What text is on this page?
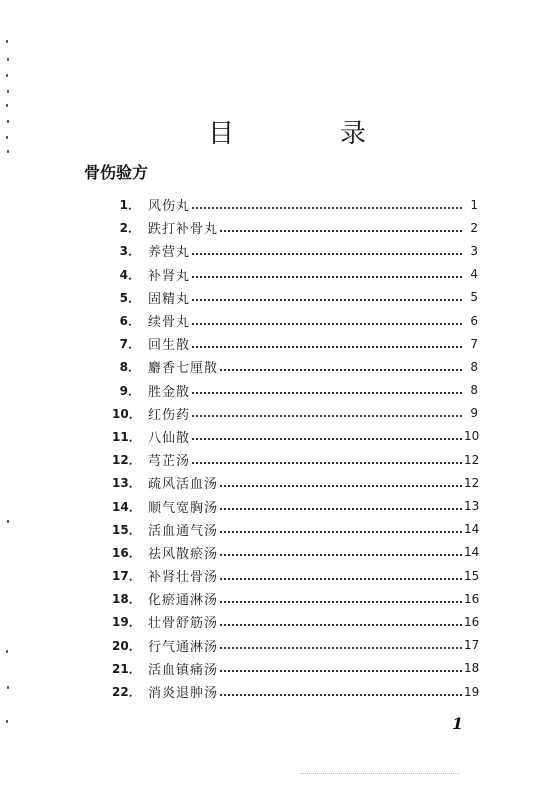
目　录
骨伤验方
1． 风伤丸	1
2． 跌打补骨丸	2
3． 养营丸	3
4． 补肾丸	4
5． 固精丸	5
6． 续骨丸	6
7． 回生散	7
8． 麝香七厘散	8
9． 胜金散	8
10． 红伤药	9
11． 八仙散	10
12． 芎芷汤	12
13． 疏风活血汤	12
14． 顺气宽胸汤	13
15． 活血通气汤	14
16． 祛风散瘀汤	14
17． 补肾壮骨汤	15
18． 化瘀通淋汤	16
19． 壮骨舒筋汤	16
20． 行气通淋汤	17
21． 活血镇痛汤	18
22． 消炎退肿汤	19
1
